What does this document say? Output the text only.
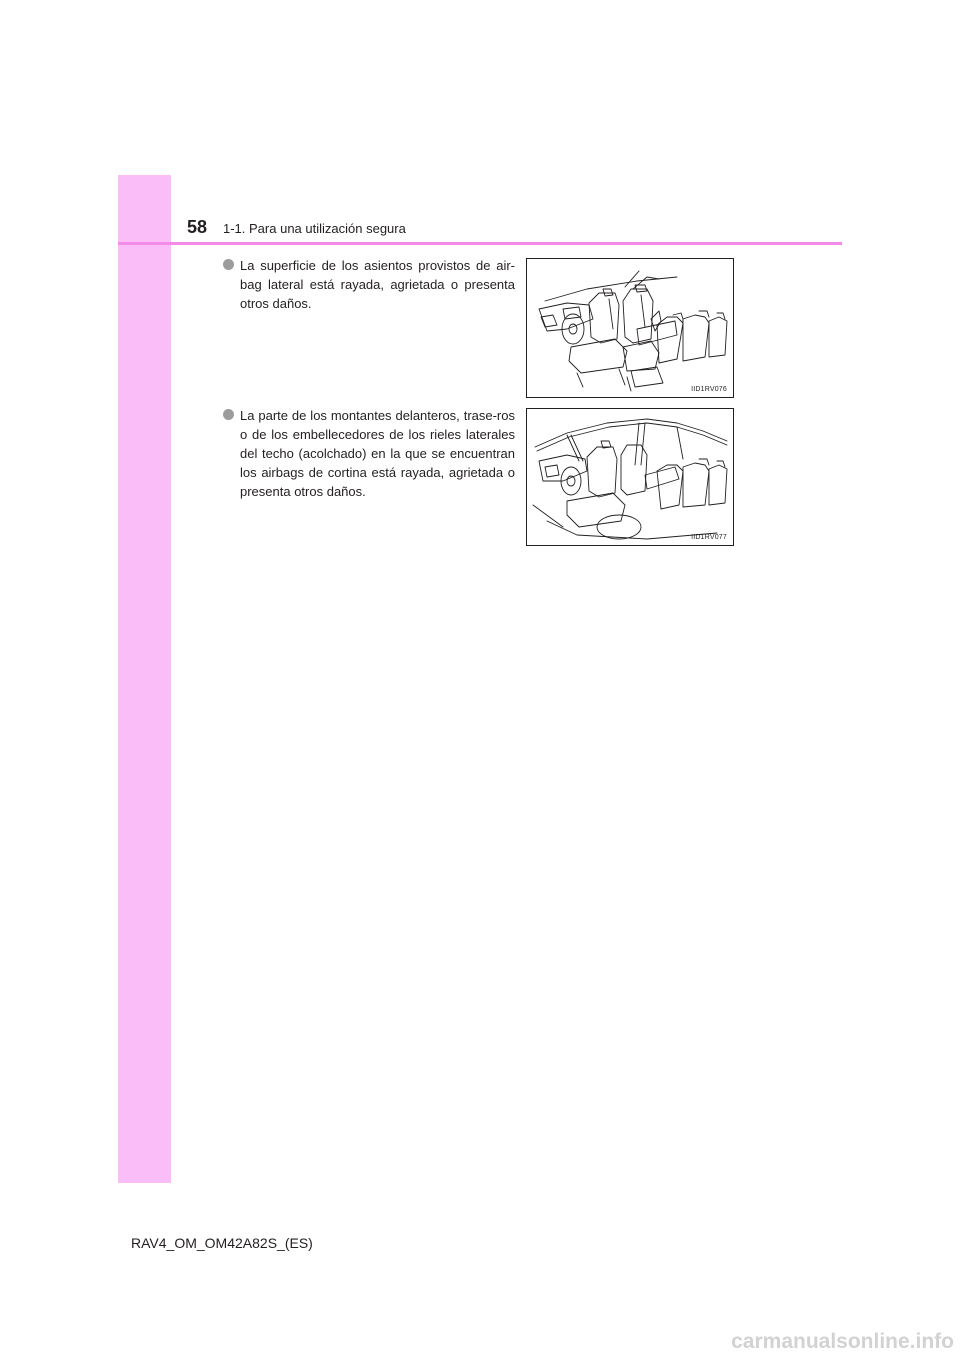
58 1-1. Para una utilización segura
La superficie de los asientos provistos de air-bag lateral está rayada, agrietada o presenta otros daños.
IID1RV076
La parte de los montantes delanteros, trase-ros o de los embellecedores de los rieles laterales del techo (acolchado) en la que se encuentran los airbags de cortina está rayada, agrietada o presenta otros daños.
IID1RV077
RAV4_OM_OM42A82S_(ES)
carmanualsonline.info
